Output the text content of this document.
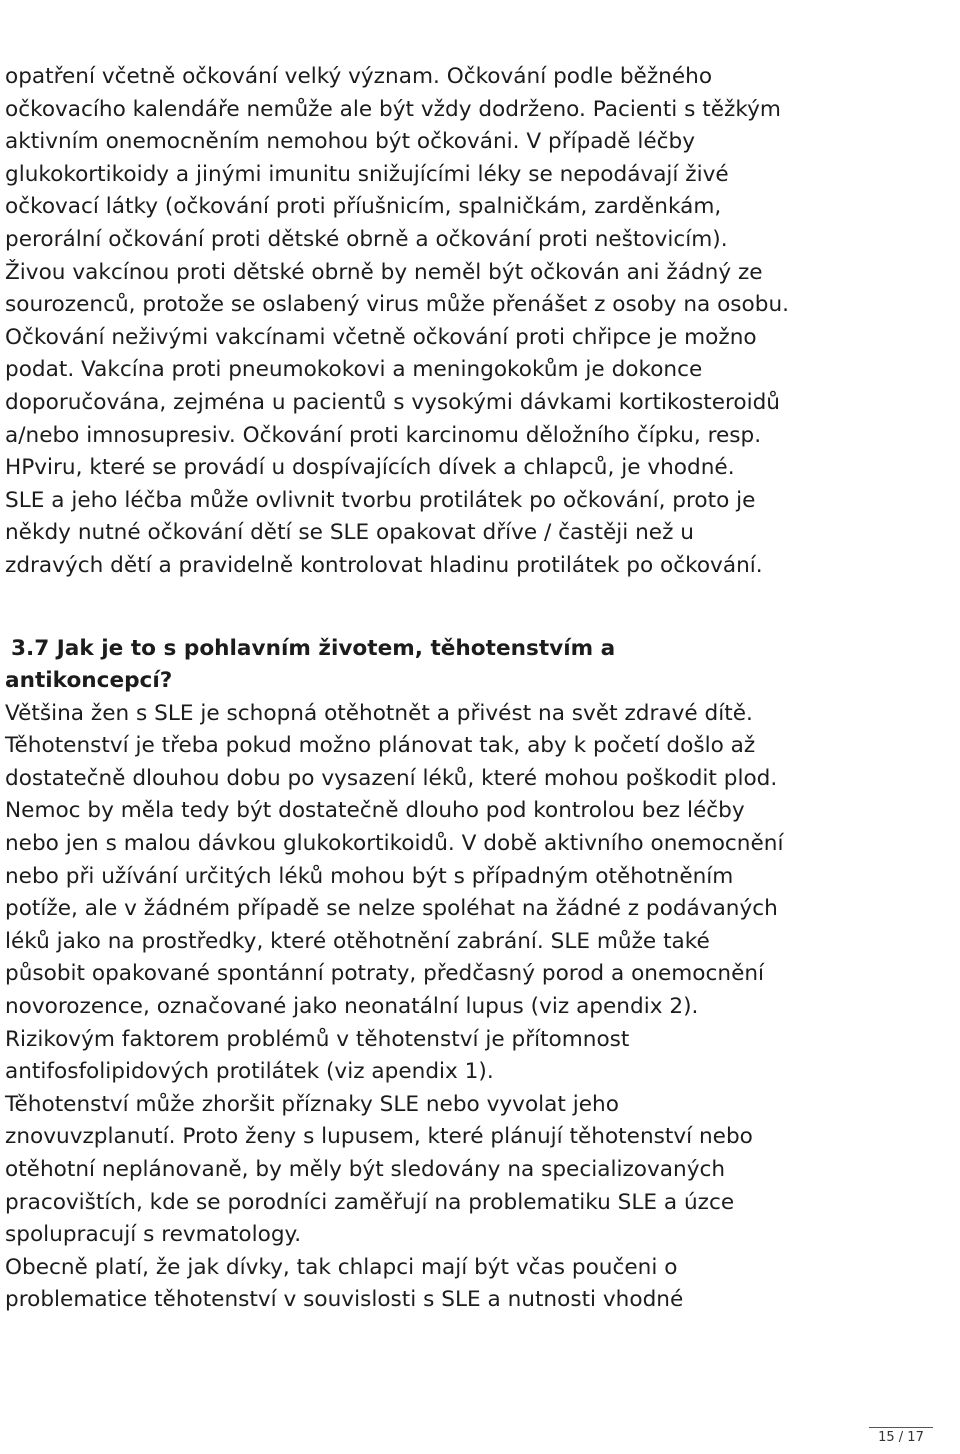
opatření včetně očkování velký význam. Očkování podle běžného
očkovacího kalendáře nemůže ale být vždy dodrženo. Pacienti s těžkým
aktivním onemocněním nemohou být očkováni. V případě léčby
glukokortikoidy a jinými imunitu snižujícími léky se nepodávají živé
očkovací látky (očkování proti příušnicím, spalničkám, zarděnkám,
perorální očkování proti dětské obrně a očkování proti neštovicím).
Živou vakcínou proti dětské obrně by neměl být očkován ani žádný ze
sourozenců, protože se oslabený virus může přenášet z osoby na osobu.
Očkování neživými vakcínami včetně očkování proti chřipce je možno
podat. Vakcína proti pneumokokovi a meningokokům je dokonce
doporučována, zejména u pacientů s vysokými dávkami kortikosteroidů
a/nebo imnosupresiv. Očkování proti karcinomu děložního čípku, resp.
HPviru, které se provádí u dospívajících dívek a chlapců, je vhodné.
SLE a jeho léčba může ovlivnit tvorbu protilátek po očkování, proto je
někdy nutné očkování dětí se SLE opakovat dříve / častěji než u
zdravých dětí a pravidelně kontrolovat hladinu protilátek po očkování.
3.7 Jak je to s pohlavním životem, těhotenstvím a
antikoncepcí?
Většina žen s SLE je schopná otěhotnět a přivést na svět zdravé dítě.
Těhotenství je třeba pokud možno plánovat tak, aby k početí došlo až
dostatečně dlouhou dobu po vysazení léků, které mohou poškodit plod.
Nemoc by měla tedy být dostatečně dlouho pod kontrolou bez léčby
nebo jen s malou dávkou glukokortikoidů. V době aktivního onemocnění
nebo při užívání určitých léků mohou být s případným otěhotněním
potíže, ale v žádném případě se nelze spoléhat na žádné z podávaných
léků jako na prostředky, které otěhotnění zabrání. SLE může také
působit opakované spontánní potraty, předčasný porod a onemocnění
novorozence, označované jako neonatální lupus (viz apendix 2).
Rizikovým faktorem problémů v těhotenství je přítomnost
antifosfolipidových protilátek (viz apendix 1).
Těhotenství může zhoršit příznaky SLE nebo vyvolat jeho
znovuvzplanutí. Proto ženy s lupusem, které plánují těhotenství nebo
otěhotní neplánovaně, by měly být sledovány na specializovaných
pracovištích, kde se porodníci zaměřují na problematiku SLE a úzce
spolupracují s revmatology.
Obecně platí, že jak dívky, tak chlapci mají být včas poučeni o
problematice těhotenství v souvislosti s SLE a nutnosti vhodné
15 / 17
